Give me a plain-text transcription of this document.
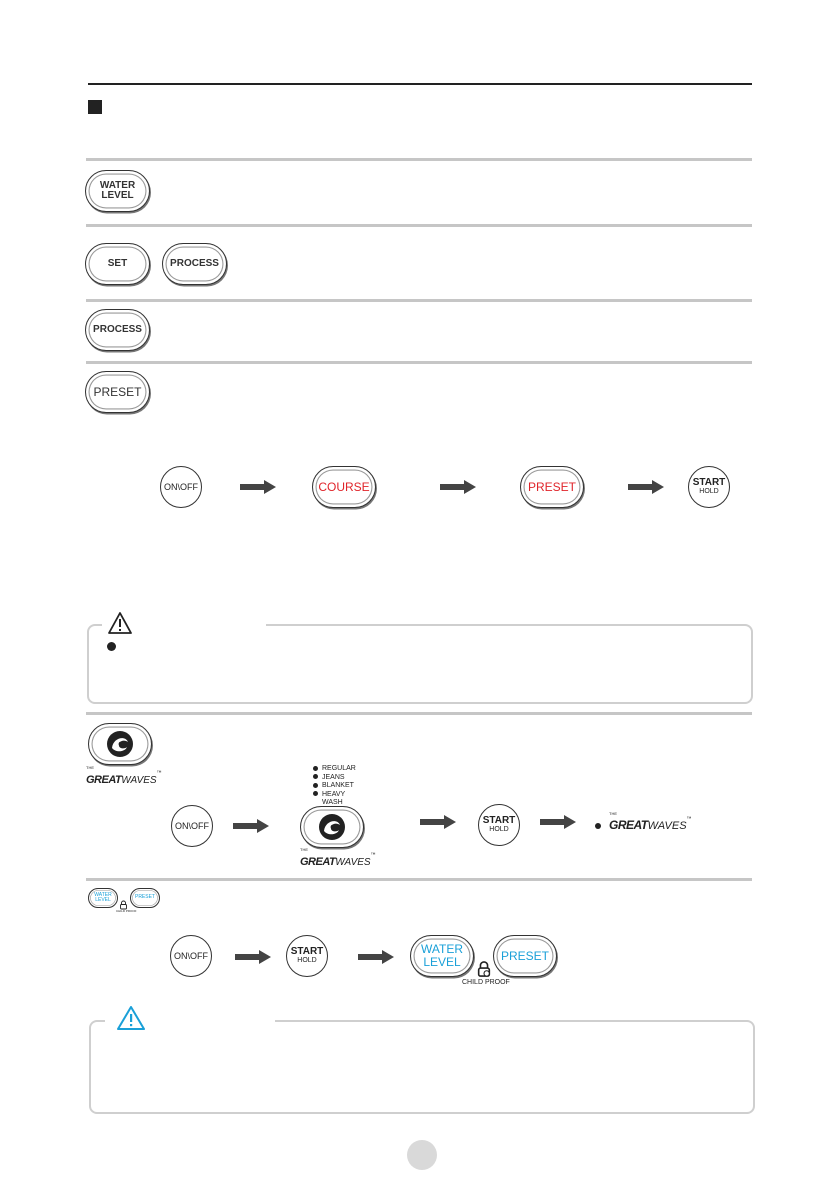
WATER
LEVEL
SET	PROCESS
PROCESS
PRESET
ON\OFF	COURSE	PRESET	START
HOLD
THE
GREATWAVES™
REGULAR
JEANS
BLANKET
HEAVY
WASH
ON\OFF
THE
GREATWAVES™
START
HOLD
THE
GREATWAVES™
WATER
LEVEL	PRESET
CHILD PROOF
ON\OFF	START
HOLD
WATER
LEVEL	PRESET
CHILD PROOF
